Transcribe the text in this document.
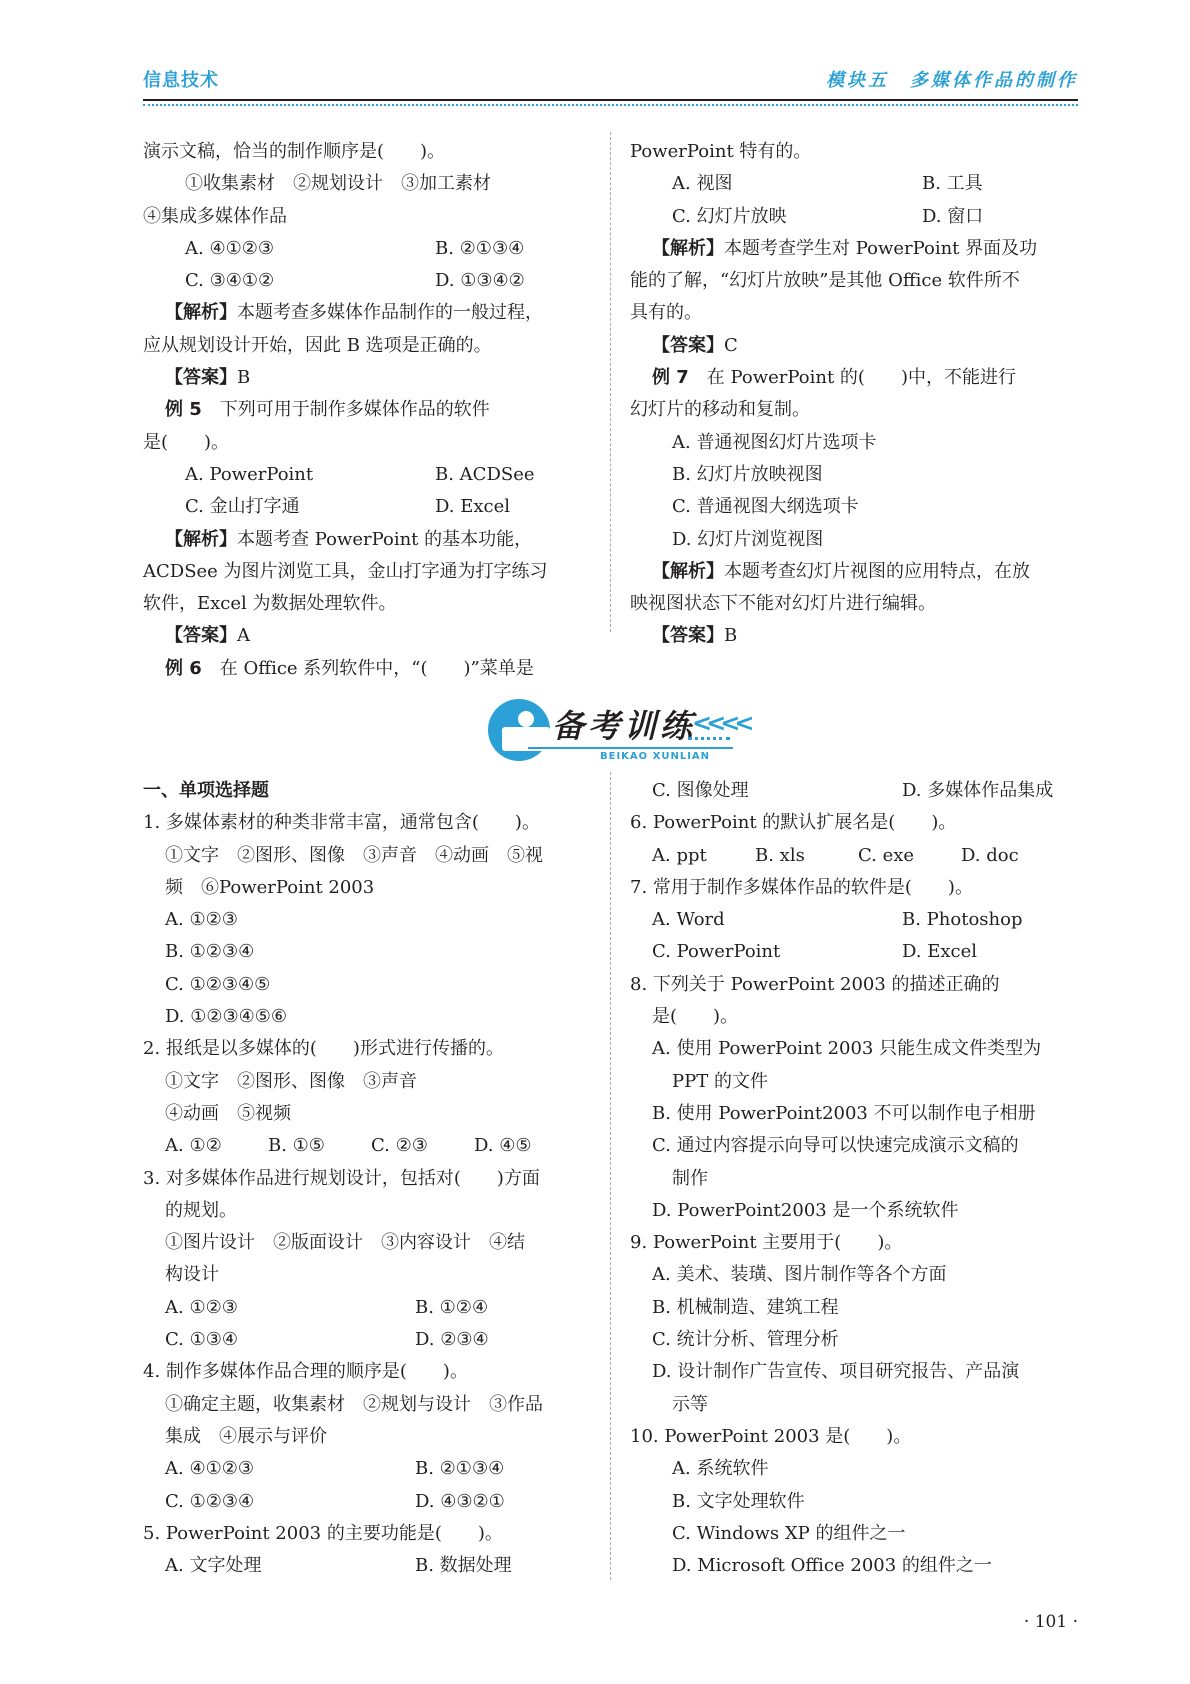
信息技术	模块五　多媒体作品的制作

演示文稿，恰当的制作顺序是(　　)。

①收集素材　②规划设计　③加工素材

④集成多媒体作品

A. ④①②③	B. ②①③④

C. ③④①②	D. ①③④②

【解析】本题考查多媒体作品制作的一般过程，

应从规划设计开始，因此 B 选项是正确的。

【答案】B

例 5　下列可用于制作多媒体作品的软件

是(　　)。

A. PowerPoint	B. ACDSee

C. 金山打字通	D. Excel

【解析】本题考查 PowerPoint 的基本功能，

ACDSee 为图片浏览工具，金山打字通为打字练习

软件，Excel 为数据处理软件。

【答案】A

例 6　在 Office 系列软件中，“(　　)”菜单是

PowerPoint 特有的。

A. 视图	B. 工具

C. 幻灯片放映	D. 窗口

【解析】本题考查学生对 PowerPoint 界面及功

能的了解，“幻灯片放映”是其他 Office 软件所不

具有的。

【答案】C

例 7　在 PowerPoint 的(　　)中，不能进行

幻灯片的移动和复制。

A. 普通视图幻灯片选项卡

B. 幻灯片放映视图

C. 普通视图大纲选项卡

D. 幻灯片浏览视图

【解析】本题考查幻灯片视图的应用特点，在放

映视图状态下不能对幻灯片进行编辑。

【答案】B

备考训练
<<<<
BEIKAO XUNLIAN

一、单项选择题

1. 多媒体素材的种类非常丰富，通常包含(　　)。

①文字　②图形、图像　③声音　④动画　⑤视

频　⑥PowerPoint 2003

A. ①②③

B. ①②③④

C. ①②③④⑤

D. ①②③④⑤⑥

2. 报纸是以多媒体的(　　)形式进行传播的。

①文字　②图形、图像　③声音

④动画　⑤视频

A. ①②	B. ①⑤	C. ②③	D. ④⑤

3. 对多媒体作品进行规划设计，包括对(　　)方面

的规划。

①图片设计　②版面设计　③内容设计　④结

构设计

A. ①②③	B. ①②④

C. ①③④	D. ②③④

4. 制作多媒体作品合理的顺序是(　　)。

①确定主题，收集素材　②规划与设计　③作品

集成　④展示与评价

A. ④①②③	B. ②①③④

C. ①②③④	D. ④③②①

5. PowerPoint 2003 的主要功能是(　　)。

A. 文字处理	B. 数据处理

C. 图像处理	D. 多媒体作品集成

6. PowerPoint 的默认扩展名是(　　)。

A. ppt	B. xls	C. exe	D. doc

7. 常用于制作多媒体作品的软件是(　　)。

A. Word	B. Photoshop

C. PowerPoint	D. Excel

8. 下列关于 PowerPoint 2003 的描述正确的

是(　　)。

A. 使用 PowerPoint 2003 只能生成文件类型为

PPT 的文件

B. 使用 PowerPoint2003 不可以制作电子相册

C. 通过内容提示向导可以快速完成演示文稿的

制作

D. PowerPoint2003 是一个系统软件

9. PowerPoint 主要用于(　　)。

A. 美术、装璜、图片制作等各个方面

B. 机械制造、建筑工程

C. 统计分析、管理分析

D. 设计制作广告宣传、项目研究报告、产品演

示等

10. PowerPoint 2003 是(　　)。

A. 系统软件

B. 文字处理软件

C. Windows XP 的组件之一

D. Microsoft Office 2003 的组件之一

· 101 ·
